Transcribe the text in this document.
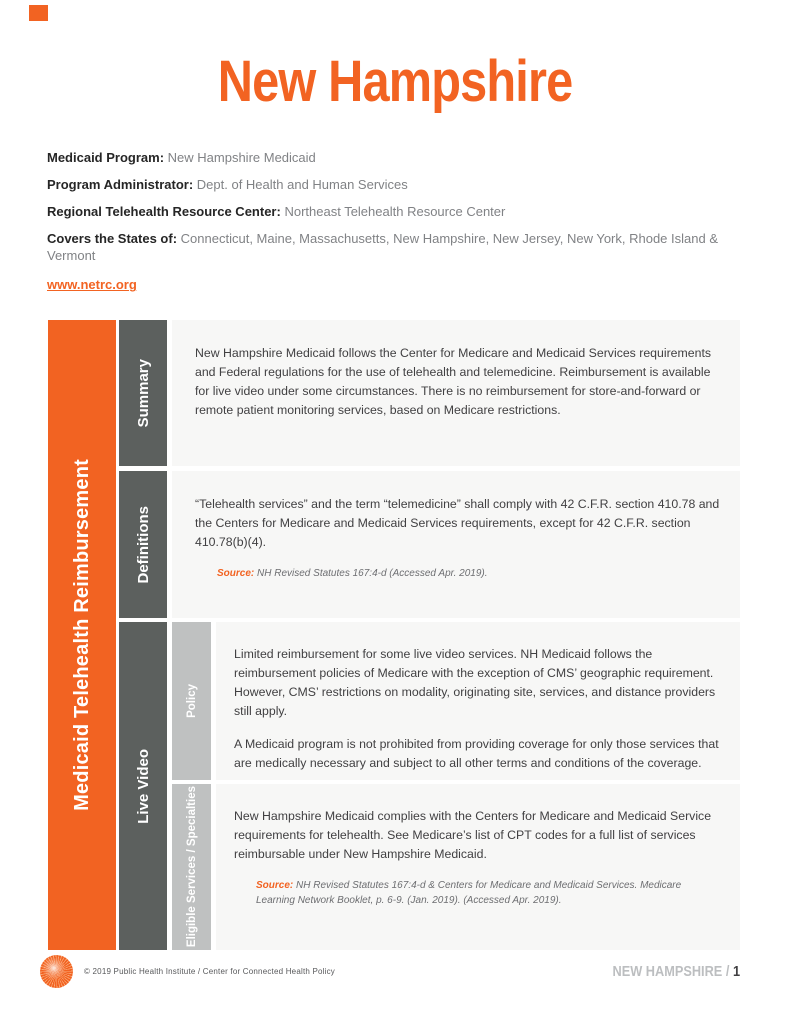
New Hampshire
Medicaid Program: New Hampshire Medicaid
Program Administrator: Dept. of Health and Human Services
Regional Telehealth Resource Center: Northeast Telehealth Resource Center
Covers the States of: Connecticut, Maine, Massachusetts, New Hampshire, New Jersey, New York, Rhode Island & Vermont
www.netrc.org
Medicaid Telehealth Reimbursement
Summary

New Hampshire Medicaid follows the Center for Medicare and Medicaid Services requirements and Federal regulations for the use of telehealth and telemedicine. Reimbursement is available for live video under some circumstances. There is no reimbursement for store-and-forward or remote patient monitoring services, based on Medicare restrictions.

Definitions

“Telehealth services” and the term “telemedicine” shall comply with 42 C.F.R. section 410.78 and the Centers for Medicare and Medicaid Services requirements, except for 42 C.F.R. section 410.78(b)(4).

Source: NH Revised Statutes 167:4-d (Accessed Apr. 2019).
Live Video
Policy

Limited reimbursement for some live video services. NH Medicaid follows the reimbursement policies of Medicare with the exception of CMS’ geographic requirement. However, CMS’ restrictions on modality, originating site, services, and distance providers still apply.

A Medicaid program is not prohibited from providing coverage for only those services that are medically necessary and subject to all other terms and conditions of the coverage.

Eligible Services / Specialties	New Hampshire Medicaid complies with the Centers for Medicare and Medicaid Service requirements for telehealth. See Medicare’s list of CPT codes for a full list of services reimbursable under New Hampshire Medicaid.

Source: NH Revised Statutes 167:4-d & Centers for Medicare and Medicaid Services. Medicare Learning Network Booklet, p. 6-9. (Jan. 2019). (Accessed Apr. 2019).
© 2019 Public Health Institute / Center for Connected Health Policy	NEW HAMPSHIRE / 1
